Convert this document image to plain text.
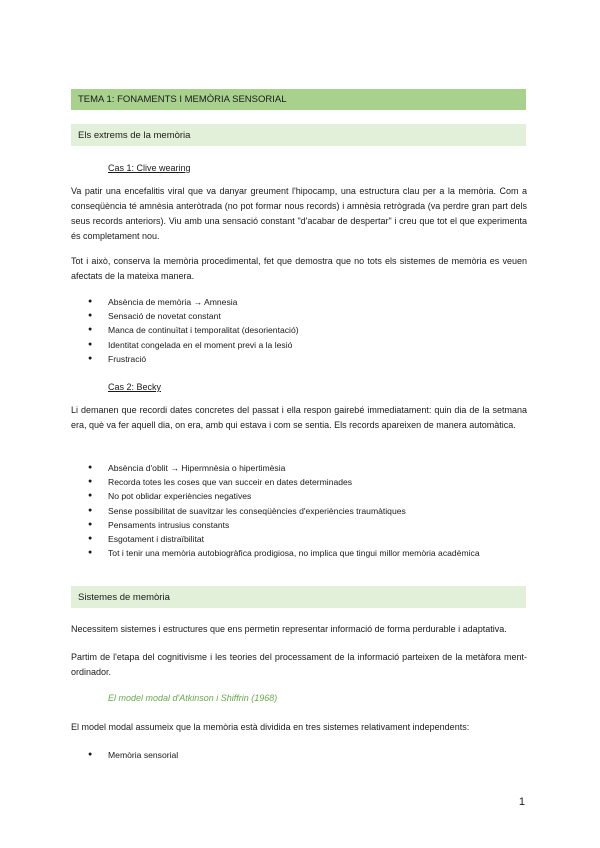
TEMA 1: FONAMENTS I MEMÒRIA SENSORIAL
Els extrems de la memòria
Cas 1: Clive wearing

Va patir una encefalitis viral que va danyar greument l'hipocamp, una estructura clau per a la memòria. Com a conseqüència té amnèsia anteròtrada (no pot formar nous records) i amnèsia retrògrada (va perdre gran part dels seus records anteriors). Viu amb una sensació constant "d'acabar de despertar" i creu que tot el que experimenta és completament nou.

Tot i això, conserva la memòria procedimental, fet que demostra que no tots els sistemes de memòria es veuen afectats de la mateixa manera.

● Absència de memòria → Amnesia
● Sensació de novetat constant
● Manca de continuïtat i temporalitat (desorientació)
● Identitat congelada en el moment previ a la lesió
● Frustració
Cas 2: Becky

Li demanen que recordi dates concretes del passat i ella respon gairebé immediatament: quin dia de la setmana era, què va fer aquell dia, on era, amb qui estava i com se sentia. Els records apareixen de manera automàtica.

● Absència d'oblit → Hipermnèsia o hipertimèsia
● Recorda totes les coses que van succeir en dates determinades
● No pot oblidar experiències negatives
● Sense possibilitat de suavitzar les conseqüències d'experiències traumàtiques
● Pensaments intrusius constants
● Esgotament i distraïbilitat
● Tot i tenir una memòria autobiogràfica prodigiosa, no implica que tingui millor memòria acadèmica
Sistemes de memòria

Necessitem sistemes i estructures que ens permetin representar informació de forma perdurable i adaptativa.

Partim de l'etapa del cognitivisme i les teories del processament de la informació parteixen de la metàfora ment-ordinador.

El model modal d'Atkinson i Shiffrin (1968)

El model modal assumeix que la memòria està dividida en tres sistemes relativament independents:

● Memòria sensorial
1
